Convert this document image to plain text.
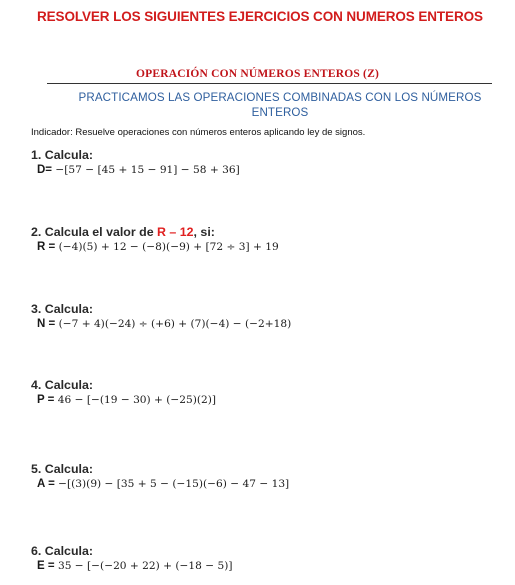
RESOLVER LOS SIGUIENTES EJERCICIOS CON NUMEROS ENTEROS
OPERACIÓN CON NÚMEROS ENTEROS (Z)
PRACTICAMOS LAS OPERACIONES COMBINADAS CON LOS NÚMEROS ENTEROS
Indicador: Resuelve operaciones con números enteros aplicando ley de signos.
1. Calcula:
D= −[57 − [45 + 15 − 91] − 58 + 36]
2. Calcula el valor de R – 12, si:
R = (−4)(5) + 12 − (−8)(−9) + [72 ÷ 3] + 19
3. Calcula:
N = (−7 + 4)(−24) ÷ (+6) + (7)(−4) − (−2+18)
4. Calcula:
P = 46 − [−(19 − 30) + (−25)(2)]
5. Calcula:
A = −[(3)(9) − [35 + 5 − (−15)(−6) − 47 − 13]
6. Calcula:
E = 35 − [−(−20 + 22) + (−18 − 5)]
